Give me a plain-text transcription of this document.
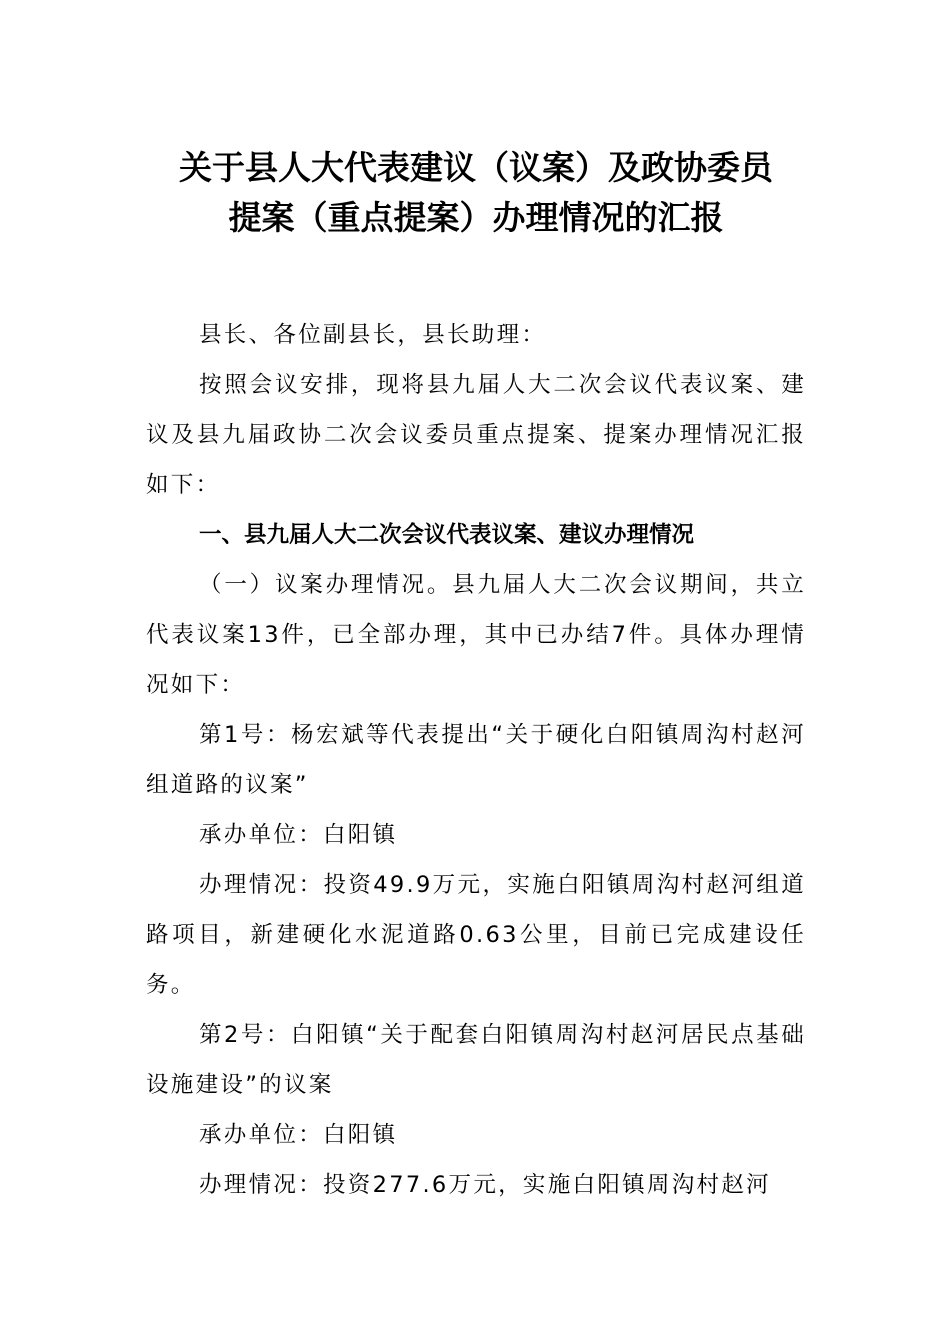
关于县人大代表建议（议案）及政协委员
提案（重点提案）办理情况的汇报

县长、各位副县长，县长助理：

按照会议安排，现将县九届人大二次会议代表议案、建议及县九届政协二次会议委员重点提案、提案办理情况汇报如下：

一、县九届人大二次会议代表议案、建议办理情况

（一）议案办理情况。县九届人大二次会议期间，共立代表议案13件，已全部办理，其中已办结7件。具体办理情况如下：

第1号：杨宏斌等代表提出“关于硬化白阳镇周沟村赵河组道路的议案”

承办单位：白阳镇

办理情况：投资49.9万元，实施白阳镇周沟村赵河组道路项目，新建硬化水泥道路0.63公里，目前已完成建设任务。

第2号：白阳镇“关于配套白阳镇周沟村赵河居民点基础设施建设”的议案

承办单位：白阳镇

办理情况：投资277.6万元，实施白阳镇周沟村赵河
